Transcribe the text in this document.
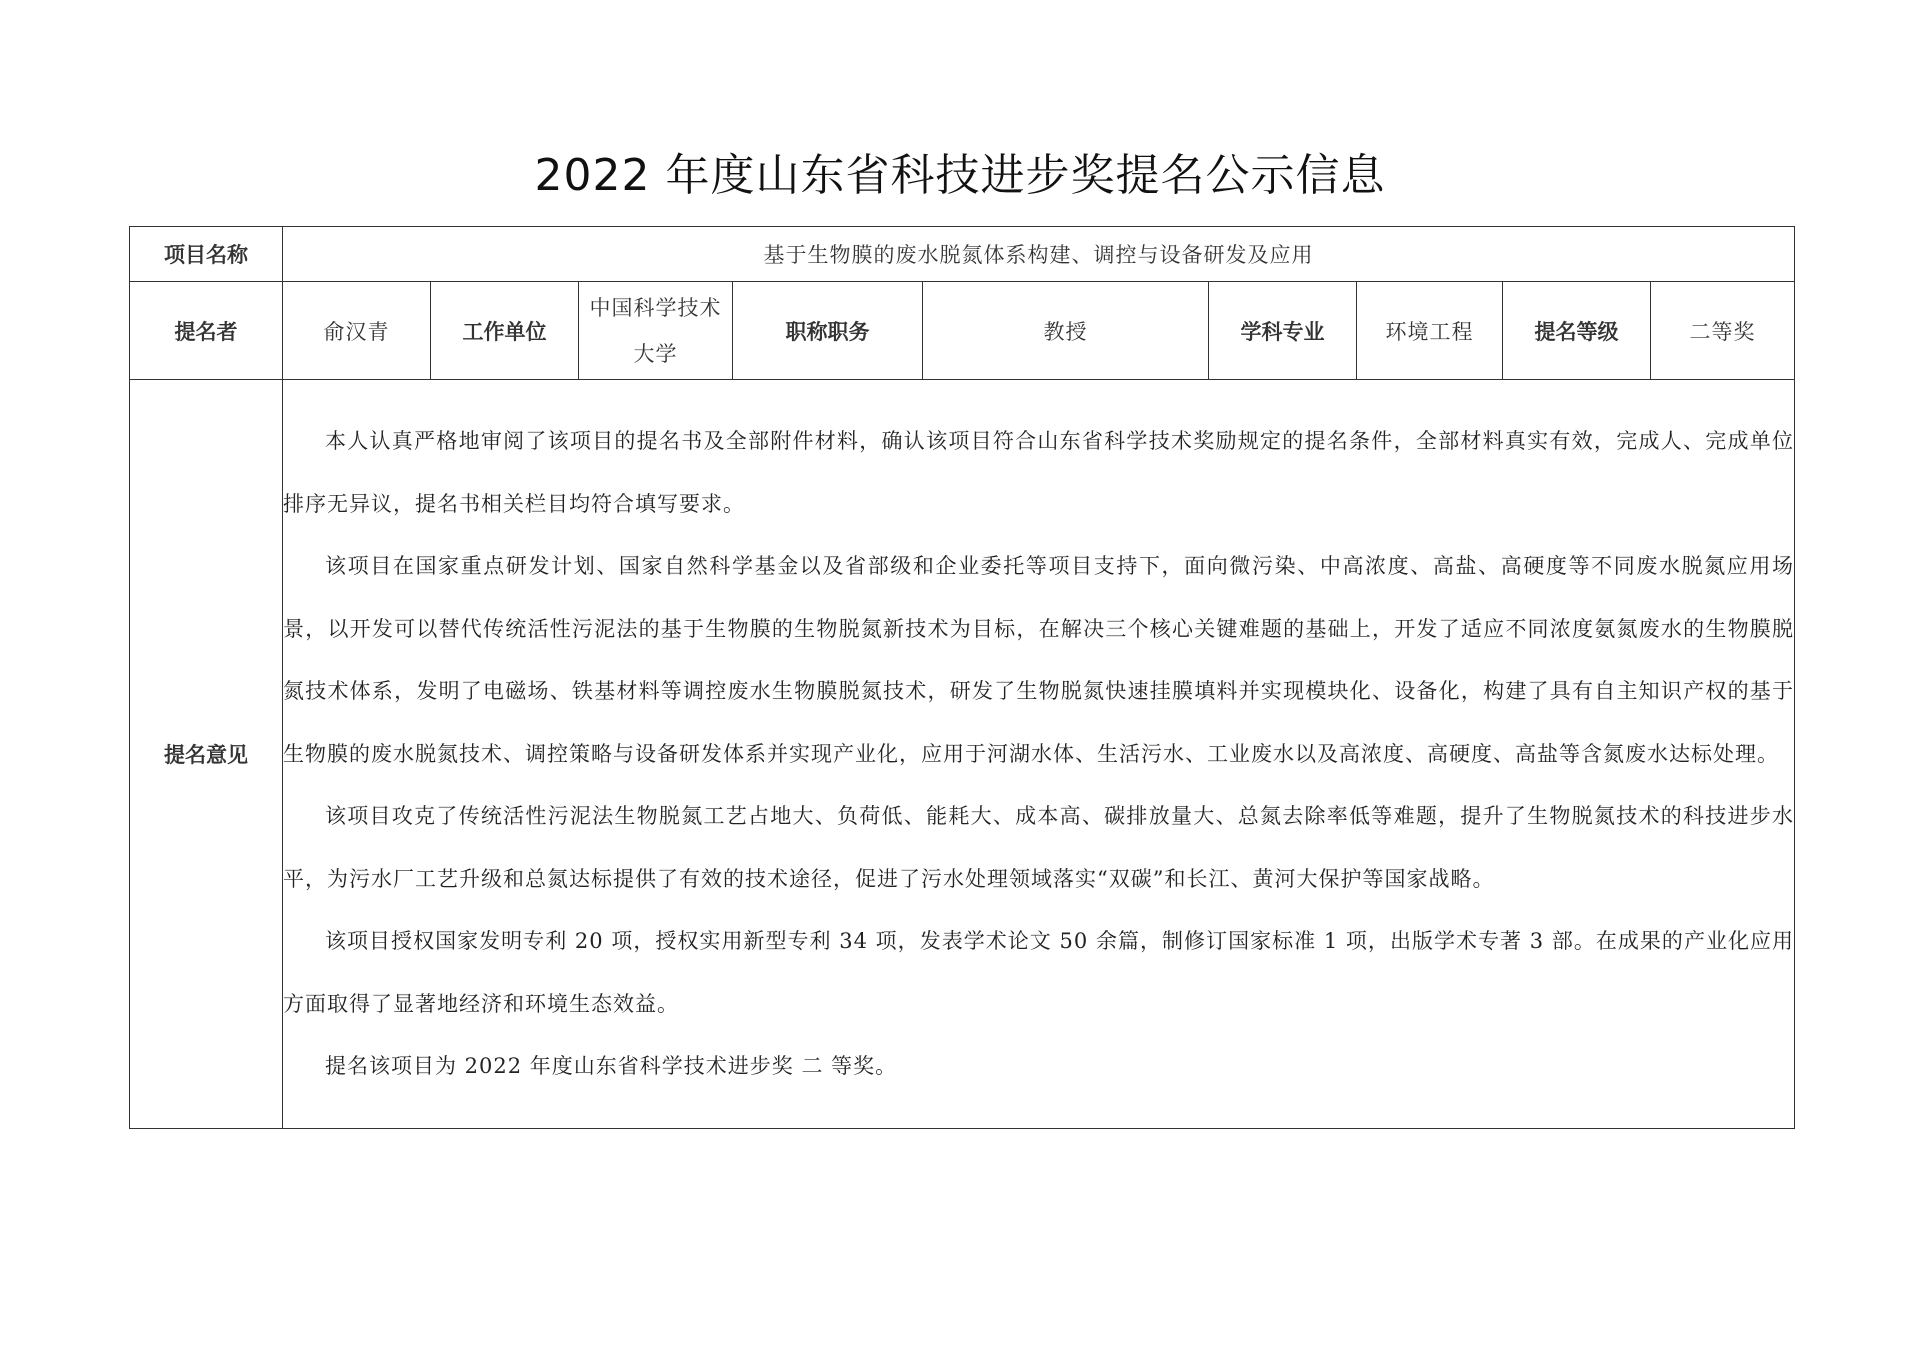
2022 年度山东省科技进步奖提名公示信息
项目名称	基于生物膜的废水脱氮体系构建、调控与设备研发及应用								
提名者	俞汉青	工作单位	中国科学技术大学	职称职务	教授	学科专业	环境工程	提名等级	二等奖
提名意见	本人认真严格地审阅了该项目的提名书及全部附件材料，确认该项目符合山东省科学技术奖励规定的提名条件，全部材料真实有效，完成人、完成单位排序无异议，提名书相关栏目均符合填写要求。

该项目在国家重点研发计划、国家自然科学基金以及省部级和企业委托等项目支持下，面向微污染、中高浓度、高盐、高硬度等不同废水脱氮应用场景，以开发可以替代传统活性污泥法的基于生物膜的生物脱氮新技术为目标，在解决三个核心关键难题的基础上，开发了适应不同浓度氨氮废水的生物膜脱氮技术体系，发明了电磁场、铁基材料等调控废水生物膜脱氮技术，研发了生物脱氮快速挂膜填料并实现模块化、设备化，构建了具有自主知识产权的基于生物膜的废水脱氮技术、调控策略与设备研发体系并实现产业化，应用于河湖水体、生活污水、工业废水以及高浓度、高硬度、高盐等含氮废水达标处理。

该项目攻克了传统活性污泥法生物脱氮工艺占地大、负荷低、能耗大、成本高、碳排放量大、总氮去除率低等难题，提升了生物脱氮技术的科技进步水平，为污水厂工艺升级和总氮达标提供了有效的技术途径，促进了污水处理领域落实“双碳”和长江、黄河大保护等国家战略。

该项目授权国家发明专利 20 项，授权实用新型专利 34 项，发表学术论文 50 余篇，制修订国家标准 1 项，出版学术专著 3 部。在成果的产业化应用方面取得了显著地经济和环境生态效益。

提名该项目为 2022 年度山东省科学技术进步奖 二 等奖。								
